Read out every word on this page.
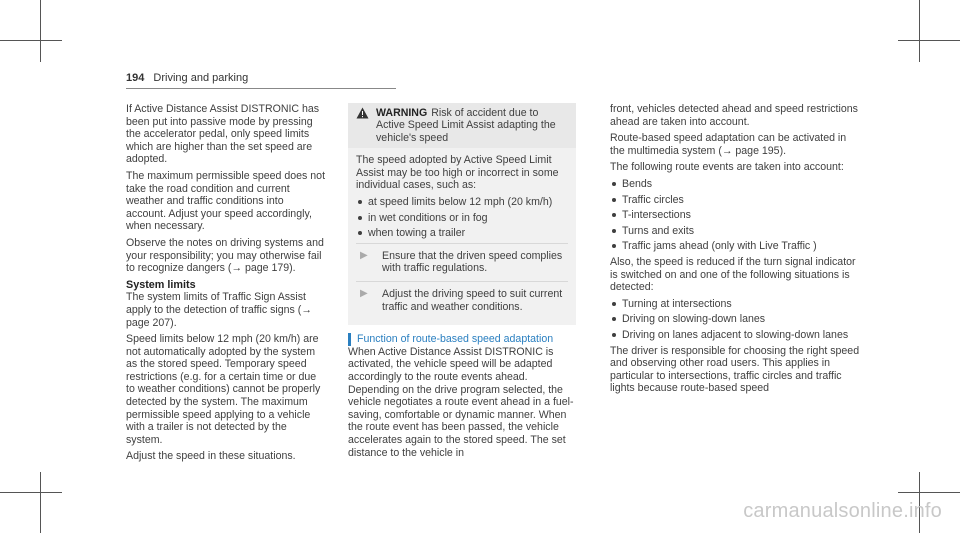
194 Driving and parking

If Active Distance Assist DISTRONIC has been put into passive mode by pressing the accelerator pedal, only speed limits which are higher than the set speed are adopted.

The maximum permissible speed does not take the road condition and current weather and traffic conditions into account. Adjust your speed accordingly, when necessary.

Observe the notes on driving systems and your responsibility; you may otherwise fail to recognize dangers (→ page 179).

System limits

The system limits of Traffic Sign Assist apply to the detection of traffic signs (→ page 207).

Speed limits below 12 mph (20 km/h) are not automatically adopted by the system as the stored speed. Temporary speed restrictions (e.g. for a certain time or due to weather conditions) cannot be properly detected by the system. The maximum permissible speed applying to a vehicle with a trailer is not detected by the system.

Adjust the speed in these situations.

WARNING Risk of accident due to Active Speed Limit Assist adapting the vehicle's speed

The speed adopted by Active Speed Limit Assist may be too high or incorrect in some individual cases, such as:

at speed limits below 12 mph (20 km/h)
in wet conditions or in fog
when towing a trailer
▶	Ensure that the driven speed complies with traffic regulations.
▶	Adjust the driving speed to suit current traffic and weather conditions.
Function of route-based speed adaptation

When Active Distance Assist DISTRONIC is activated, the vehicle speed will be adapted accordingly to the route events ahead. Depending on the drive program selected, the vehicle negotiates a route event ahead in a fuel-saving, comfortable or dynamic manner. When the route event has been passed, the vehicle accelerates again to the stored speed. The set distance to the vehicle in

front, vehicles detected ahead and speed restrictions ahead are taken into account.

Route-based speed adaptation can be activated in the multimedia system (→ page 195).

The following route events are taken into account:

Bends
Traffic circles
T-intersections
Turns and exits
Traffic jams ahead (only with Live Traffic )

Also, the speed is reduced if the turn signal indicator is switched on and one of the following situations is detected:

Turning at intersections
Driving on slowing-down lanes
Driving on lanes adjacent to slowing-down lanes

The driver is responsible for choosing the right speed and observing other road users. This applies in particular to intersections, traffic circles and traffic lights because route-based speed

carmanualsonline.info
